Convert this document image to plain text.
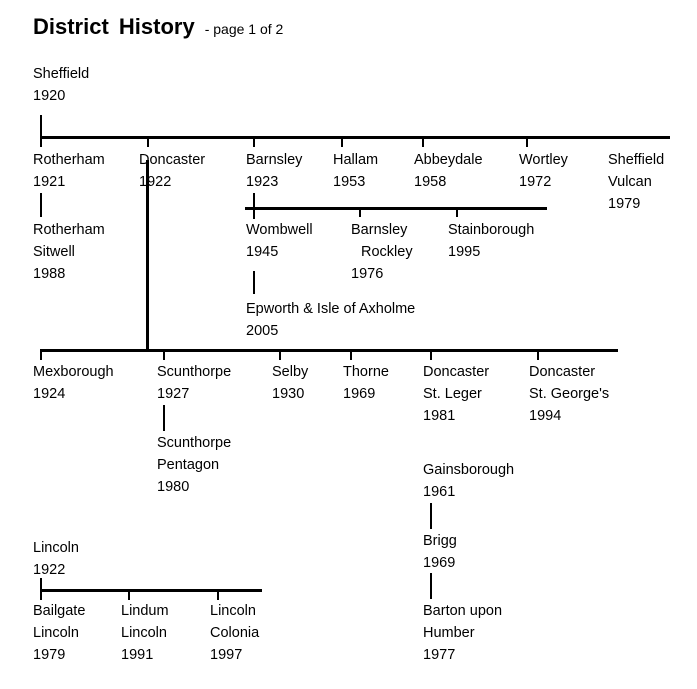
District History - page 1 of 2
Sheffield
1920
Rotherham
1921
Doncaster
1922
Barnsley
1923
Hallam
1953
Abbeydale
1958
Wortley
1972
Sheffield
Vulcan
1979
Rotherham
Sitwell
1988
Wombwell
1945
Barnsley
Rockley
1976
Stainborough
1995
Epworth & Isle of Axholme
2005
Mexborough
1924
Scunthorpe
1927
Selby
1930
Thorne
1969
Doncaster
St. Leger
1981
Doncaster
St. George's
1994
Scunthorpe
Pentagon
1980
Gainsborough
1961
Brigg
1969
Barton upon
Humber
1977
Lincoln
1922
Bailgate
Lincoln
1979
Lindum
Lincoln
1991
Lincoln
Colonia
1997
